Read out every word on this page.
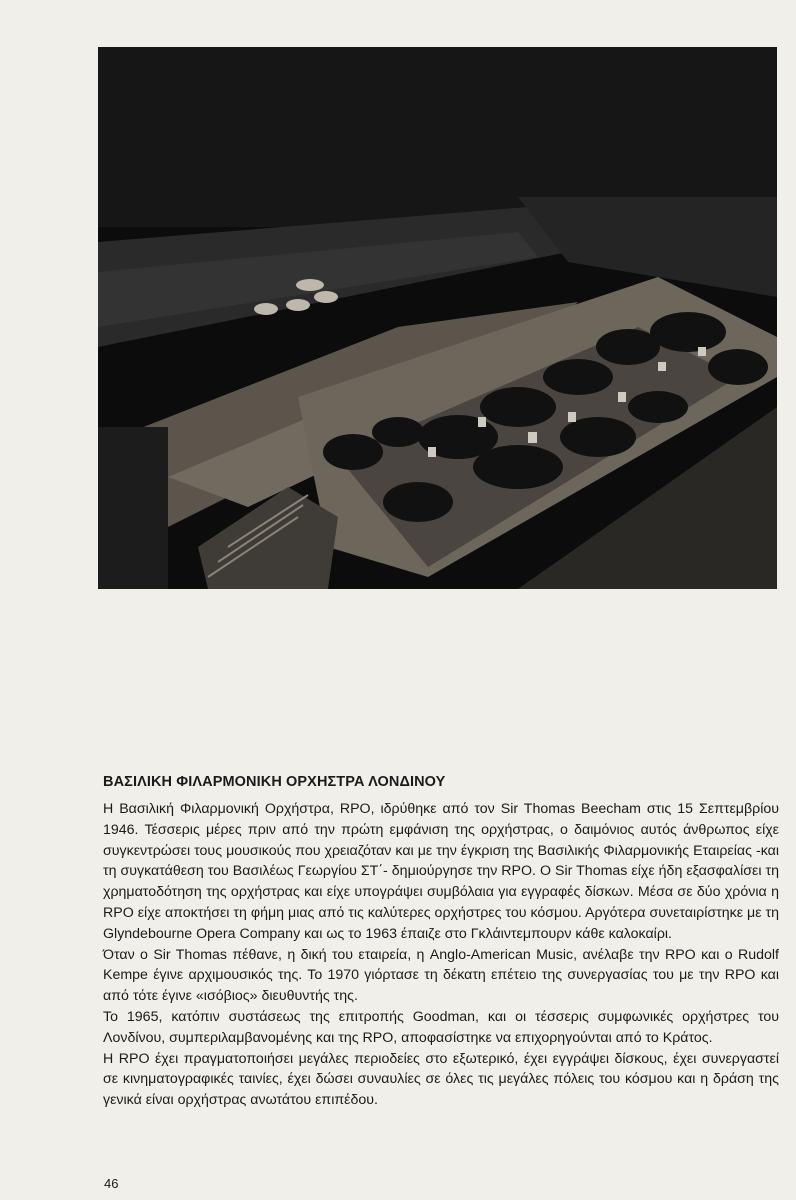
ΒΑΣΙΛΙΚΗ ΦΙΛΑΡΜΟΝΙΚΗ ΟΡΧΗΣΤΡΑ ΛΟΝΔΙΝΟΥ

Η Βασιλική Φιλαρμονική Ορχήστρα, RPO, ιδρύθηκε από τον Sir Thomas Beecham στις 15 Σεπτεμβρίου 1946. Τέσσερις μέρες πριν από την πρώτη εμφάνιση της ορχήστρας, ο δαιμόνιος αυτός άνθρωπος είχε συγκεντρώσει τους μουσικούς που χρειαζόταν και με την έγκριση της Βασιλικής Φιλαρμονικής Εταιρείας -και τη συγκατάθεση του Βασιλέως Γεωργίου ΣΤ΄- δημιούργησε την RPO. Ο Sir Thomas είχε ήδη εξασφαλίσει τη χρηματοδότηση της ορχήστρας και είχε υπογράψει συμβόλαια για εγγραφές δίσκων. Μέσα σε δύο χρόνια η RPO είχε αποκτήσει τη φήμη μιας από τις καλύτερες ορχήστρες του κόσμου. Αργότερα συνεταιρίστηκε με τη Glyndebourne Opera Company και ως το 1963 έπαιζε στο Γκλάιντεμπουρν κάθε καλοκαίρι.

Όταν ο Sir Thomas πέθανε, η δική του εταιρεία, η Anglo-American Music, ανέλαβε την RPO και ο Rudolf Kempe έγινε αρχιμουσικός της. Το 1970 γιόρτασε τη δέκατη επέτειο της συνεργασίας του με την RPO και από τότε έγινε «ισόβιος» διευθυντής της.

Το 1965, κατόπιν συστάσεως της επιτροπής Goodman, και οι τέσσερις συμφωνικές ορχήστρες του Λονδίνου, συμπεριλαμβανομένης και της RPO, αποφασίστηκε να επιχορηγούνται από το Κράτος.

Η RPO έχει πραγματοποιήσει μεγάλες περιοδείες στο εξωτερικό, έχει εγγράψει δίσκους, έχει συνεργαστεί σε κινηματογραφικές ταινίες, έχει δώσει συναυλίες σε όλες τις μεγάλες πόλεις του κόσμου και η δράση της γενικά είναι ορχήστρας ανωτάτου επιπέδου.

46
